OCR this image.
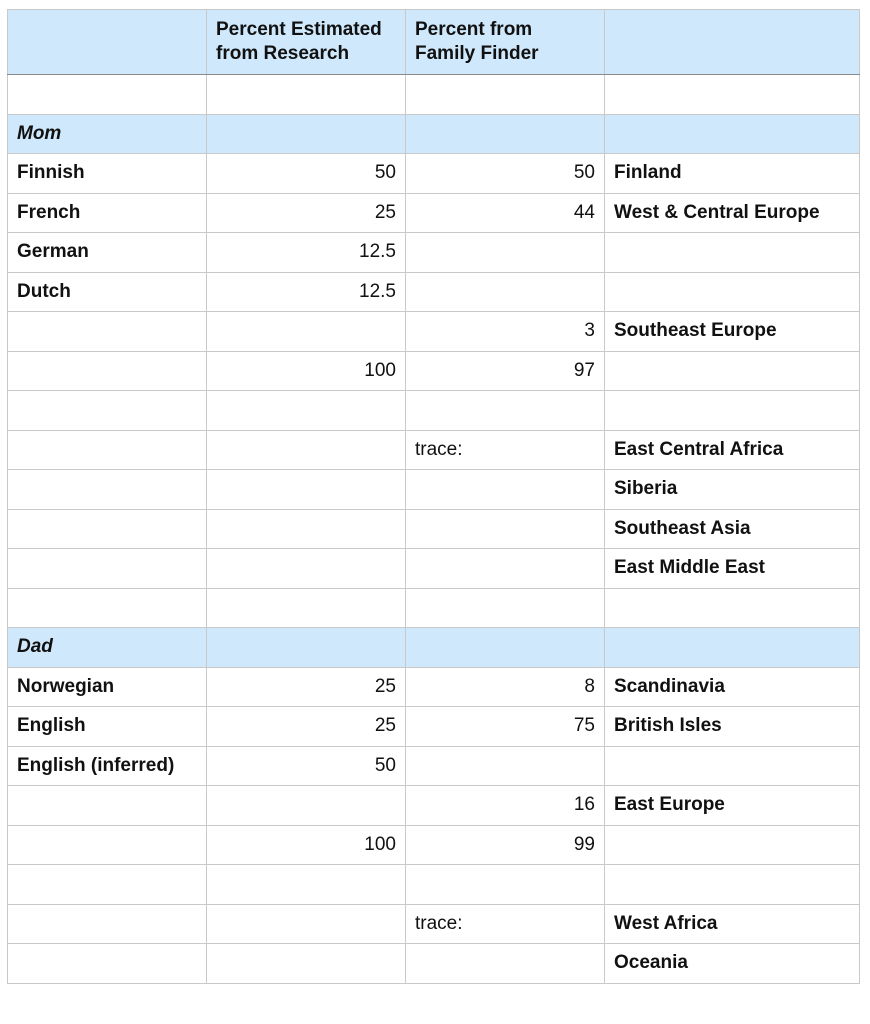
	Percent Estimated from Research	Percent from Family Finder	

Mom			
Finnish	50	50	Finland
French	25	44	West & Central Europe
German	12.5		
Dutch	12.5		
		3	Southeast Europe
	100	97	

		trace:	East Central Africa
			Siberia
			Southeast Asia
			East Middle East

Dad			
Norwegian	25	8	Scandinavia
English	25	75	British Isles
English (inferred)	50		
		16	East Europe
	100	99	

		trace:	West Africa
			Oceania
